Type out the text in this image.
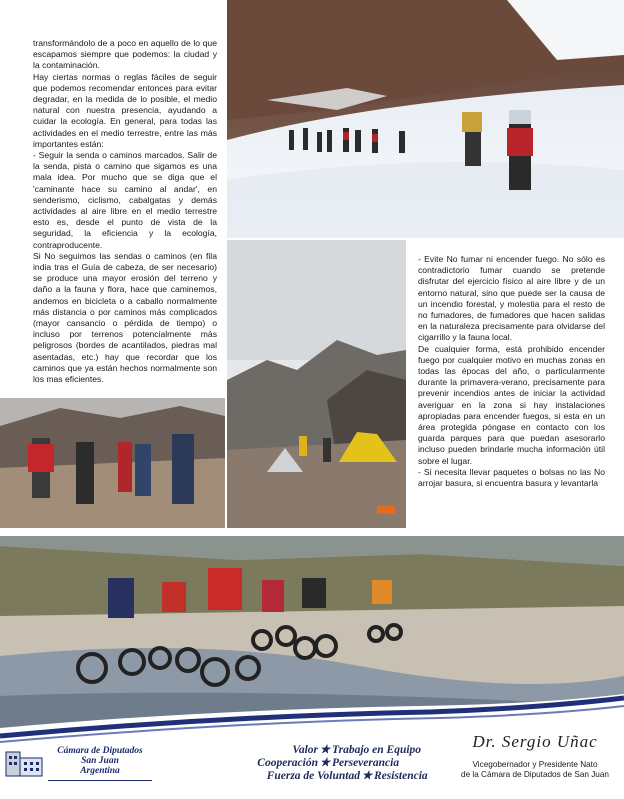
transformándolo de a poco en aquello de lo que escapamos siempre que podemos: la ciudad y la contaminación.

Hay ciertas normas o reglas fáciles de seguir que podemos recomendar entonces para evitar degradar, en la medida de lo posible, el medio natural con nuestra presencia, ayudando a cuidar la ecología. En general, para todas las actividades en el medio terrestre, entre las más importantes están:

- Seguir la senda o caminos marcados. Salir de la senda, pista o camino que sigamos es una mala idea. Por mucho que se diga que el 'caminante hace su camino al andar', en senderismo, ciclismo, cabalgatas y demás actividades al aire libre en el medio terrestre esto es, desde el punto de vista de la seguridad, la eficiencia y la ecología, contraproducente.

Si No seguimos las sendas o caminos (en fila india tras el Guía de cabeza, de ser necesario) se produce una mayor erosión del terreno y daño a la fauna y flora, hace que caminemos, andemos en bicicleta o a caballo normalmente más distancia o por caminos más complicados (mayor cansancio o pérdida de tiempo) o incluso por terrenos potencialmente más peligrosos (bordes de acantilados, piedras mal asentadas, etc.) hay que recordar que los caminos que ya están hechos normalmente son los mas eficientes.

- Evite No fumar ni encender fuego. No sólo es contradictorio fumar cuando se pretende disfrutar del ejercicio físico al aire libre y de un entorno natural, sino que puede ser la causa de un incendio forestal, y molestia para el resto de no fumadores, de fumadores que hacen salidas en la naturaleza precisamente para olvidarse del cigarrillo y la fauna local.

De cualquier forma, está prohibido encender fuego por cualquier motivo en muchas zonas en todas las épocas del año, o particularmente durante la primavera-verano, precisamente para prevenir incendios antes de iniciar la actividad averiguar en la zona si hay instalaciones apropiadas para encender fuegos, si esta en un área protegida póngase en contacto con los guarda parques para que puedan asesorarlo incluso pueden brindarle mucha información útil sobre el lugar.

- Si necesita llevar paquetes o bolsas no las No arrojar basura, si encuentra basura y levantarla

Cámara de Diputados
San Juan
Argentina
Valor ★ Trabajo en Equipo
Cooperación ★ Perseverancia
Fuerza de Voluntad ★ Resistencia
Dr. Sergio Uñac
Vicegobernador y Presidente Nato
de la Cámara de Diputados de San Juan
